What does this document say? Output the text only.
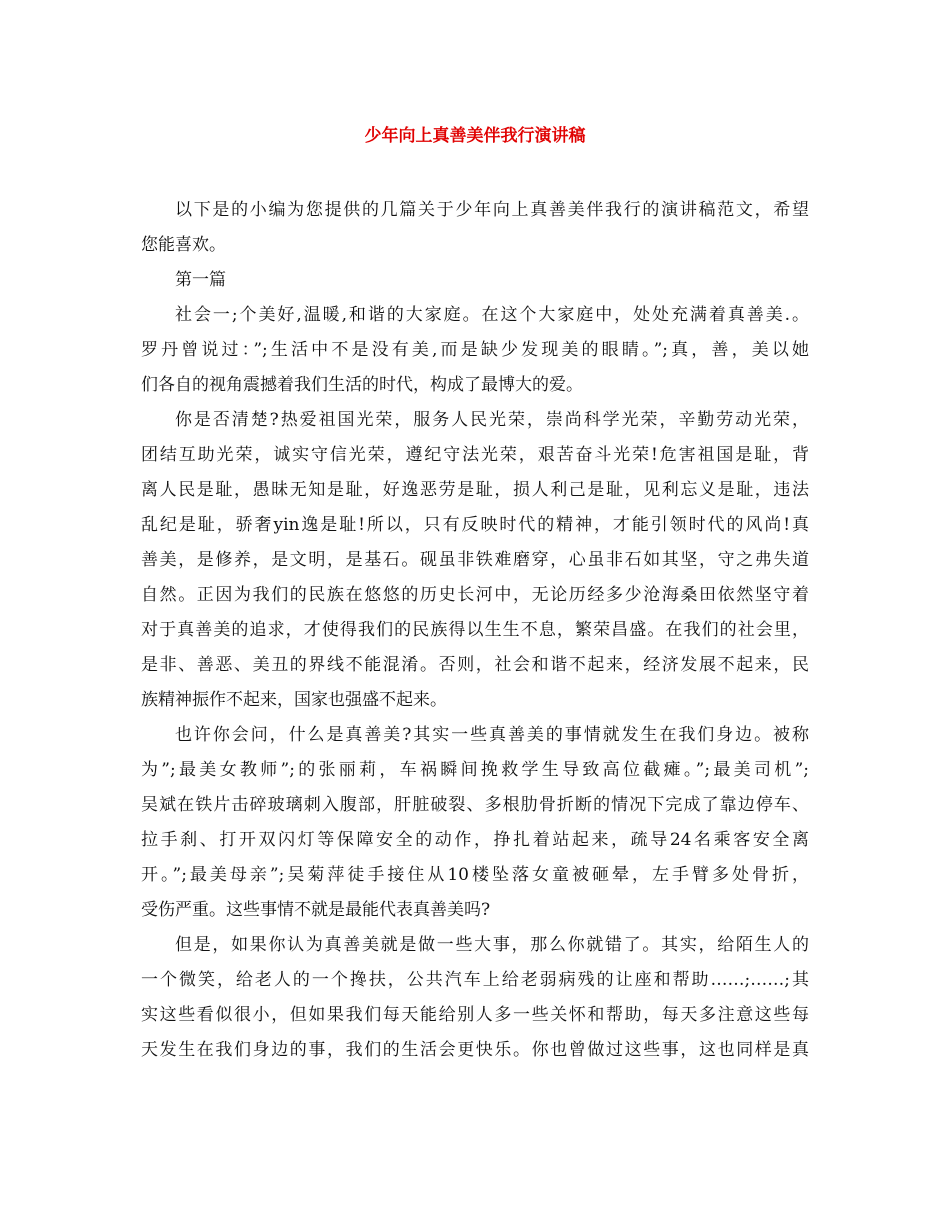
少年向上真善美伴我行演讲稿
以下是的小编为您提供的几篇关于少年向上真善美伴我行的演讲稿范文，希望
您能喜欢。
第一篇
社会一;个美好,温暖,和谐的大家庭。在这个大家庭中，处处充满着真善美.。
罗丹曾说过：”;生活中不是没有美,而是缺少发现美的眼睛。”;真，善，美以她
们各自的视角震撼着我们生活的时代，构成了最博大的爱。
你是否清楚?热爱祖国光荣，服务人民光荣，崇尚科学光荣，辛勤劳动光荣，
团结互助光荣，诚实守信光荣，遵纪守法光荣，艰苦奋斗光荣!危害祖国是耻，背
离人民是耻，愚昧无知是耻，好逸恶劳是耻，损人利己是耻，见利忘义是耻，违法
乱纪是耻，骄奢yin逸是耻!所以，只有反映时代的精神，才能引领时代的风尚!真
善美，是修养，是文明，是基石。砚虽非铁难磨穿，心虽非石如其坚，守之弗失道
自然。正因为我们的民族在悠悠的历史长河中，无论历经多少沧海桑田依然坚守着
对于真善美的追求，才使得我们的民族得以生生不息，繁荣昌盛。在我们的社会里，
是非、善恶、美丑的界线不能混淆。否则，社会和谐不起来，经济发展不起来，民
族精神振作不起来，国家也强盛不起来。
也许你会问，什么是真善美?其实一些真善美的事情就发生在我们身边。被称
为”;最美女教师”;的张丽莉，车祸瞬间挽救学生导致高位截瘫。”;最美司机”;
吴斌在铁片击碎玻璃刺入腹部，肝脏破裂、多根肋骨折断的情况下完成了靠边停车、
拉手刹、打开双闪灯等保障安全的动作，挣扎着站起来，疏导24名乘客安全离
开。”;最美母亲”;吴菊萍徒手接住从10楼坠落女童被砸晕，左手臂多处骨折，
受伤严重。这些事情不就是最能代表真善美吗?
但是，如果你认为真善美就是做一些大事，那么你就错了。其实，给陌生人的
一个微笑，给老人的一个搀扶，公共汽车上给老弱病残的让座和帮助……;……;其
实这些看似很小，但如果我们每天能给别人多一些关怀和帮助，每天多注意这些每
天发生在我们身边的事，我们的生活会更快乐。你也曾做过这些事，这也同样是真
